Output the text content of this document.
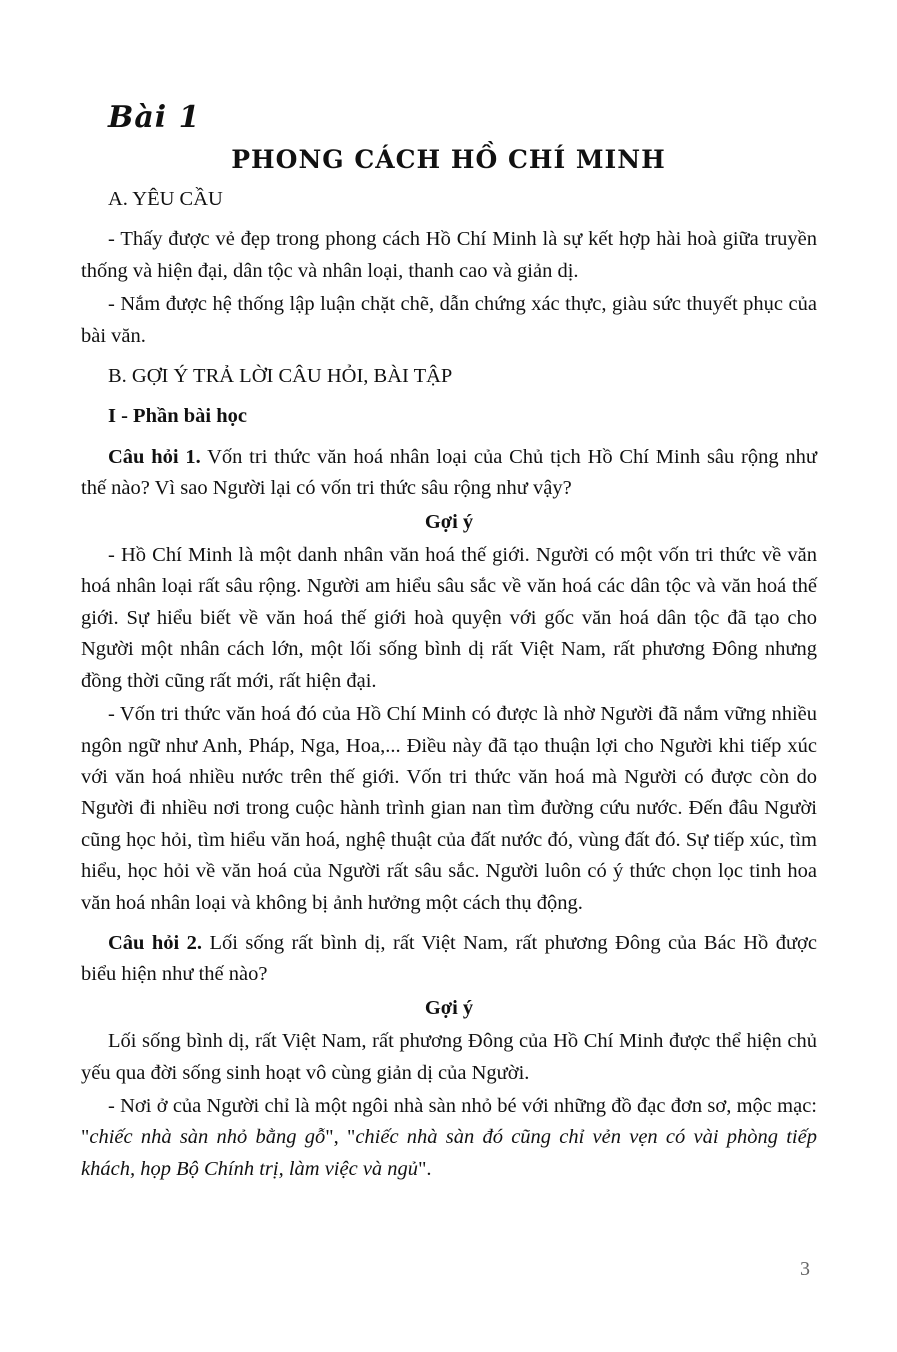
Bài 1
PHONG CÁCH HỒ CHÍ MINH

A. YÊU CẦU

- Thấy được vẻ đẹp trong phong cách Hồ Chí Minh là sự kết hợp hài hoà giữa truyền thống và hiện đại, dân tộc và nhân loại, thanh cao và giản dị.

- Nắm được hệ thống lập luận chặt chẽ, dẫn chứng xác thực, giàu sức thuyết phục của bài văn.

B. GỢI Ý TRẢ LỜI CÂU HỎI, BÀI TẬP

I - Phần bài học

Câu hỏi 1. Vốn tri thức văn hoá nhân loại của Chủ tịch Hồ Chí Minh sâu rộng như thế nào? Vì sao Người lại có vốn tri thức sâu rộng như vậy?

Gợi ý

- Hồ Chí Minh là một danh nhân văn hoá thế giới. Người có một vốn tri thức về văn hoá nhân loại rất sâu rộng. Người am hiểu sâu sắc về văn hoá các dân tộc và văn hoá thế giới. Sự hiểu biết về văn hoá thế giới hoà quyện với gốc văn hoá dân tộc đã tạo cho Người một nhân cách lớn, một lối sống bình dị rất Việt Nam, rất phương Đông nhưng đồng thời cũng rất mới, rất hiện đại.

- Vốn tri thức văn hoá đó của Hồ Chí Minh có được là nhờ Người đã nắm vững nhiều ngôn ngữ như Anh, Pháp, Nga, Hoa,... Điều này đã tạo thuận lợi cho Người khi tiếp xúc với văn hoá nhiều nước trên thế giới. Vốn tri thức văn hoá mà Người có được còn do Người đi nhiều nơi trong cuộc hành trình gian nan tìm đường cứu nước. Đến đâu Người cũng học hỏi, tìm hiểu văn hoá, nghệ thuật của đất nước đó, vùng đất đó. Sự tiếp xúc, tìm hiểu, học hỏi về văn hoá của Người rất sâu sắc. Người luôn có ý thức chọn lọc tinh hoa văn hoá nhân loại và không bị ảnh hưởng một cách thụ động.

Câu hỏi 2. Lối sống rất bình dị, rất Việt Nam, rất phương Đông của Bác Hồ được biểu hiện như thế nào?

Gợi ý

Lối sống bình dị, rất Việt Nam, rất phương Đông của Hồ Chí Minh được thể hiện chủ yếu qua đời sống sinh hoạt vô cùng giản dị của Người.

- Nơi ở của Người chỉ là một ngôi nhà sàn nhỏ bé với những đồ đạc đơn sơ, mộc mạc: "chiếc nhà sàn nhỏ bằng gỗ", "chiếc nhà sàn đó cũng chỉ vẻn vẹn có vài phòng tiếp khách, họp Bộ Chính trị, làm việc và ngủ".

3
